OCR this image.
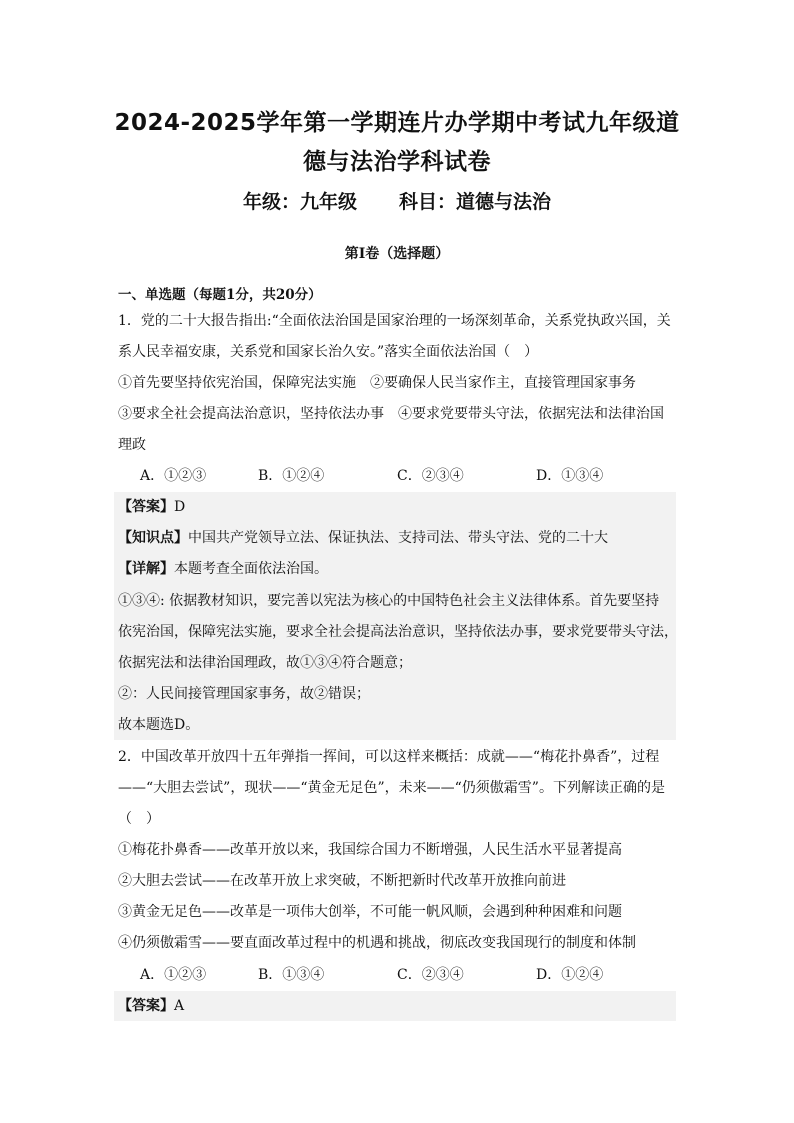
2024-2025学年第一学期连片办学期中考试九年级道
德与法治学科试卷
年级：九年级 科目：道德与法治
第Ⅰ卷（选择题）
一、单选题（每题1分，共20分）
1．党的二十大报告指出:“全面依法治国是国家治理的一场深刻革命，关系党执政兴国，关
系人民幸福安康，关系党和国家长治久安。”落实全面依法治国（　）
①首先要坚持依宪治国，保障宪法实施　②要确保人民当家作主，直接管理国家事务
③要求全社会提高法治意识，坚持依法办事　④要求党要带头守法，依据宪法和法律治国
理政
A．①②③	B．①②④	C．②③④	D．①③④
【答案】D
【知识点】中国共产党领导立法、保证执法、支持司法、带头守法、党的二十大
【详解】本题考查全面依法治国。
①③④: 依据教材知识，要完善以宪法为核心的中国特色社会主义法律体系。首先要坚持
依宪治国，保障宪法实施，要求全社会提高法治意识，坚持依法办事，要求党要带头守法，
依据宪法和法律治国理政，故①③④符合题意；
②：人民间接管理国家事务，故②错误；
故本题选D。
2．中国改革开放四十五年弹指一挥间，可以这样来概括：成就——“梅花扑鼻香”，过程
——“大胆去尝试”，现状——“黄金无足色”，未来——“仍须傲霜雪”。下列解读正确的是
（　）
①梅花扑鼻香——改革开放以来，我国综合国力不断增强，人民生活水平显著提高
②大胆去尝试——在改革开放上求突破，不断把新时代改革开放推向前进
③黄金无足色——改革是一项伟大创举，不可能一帆风顺，会遇到种种困难和问题
④仍须傲霜雪——要直面改革过程中的机遇和挑战，彻底改变我国现行的制度和体制
A．①②③	B．①③④	C．②③④	D．①②④
【答案】A
